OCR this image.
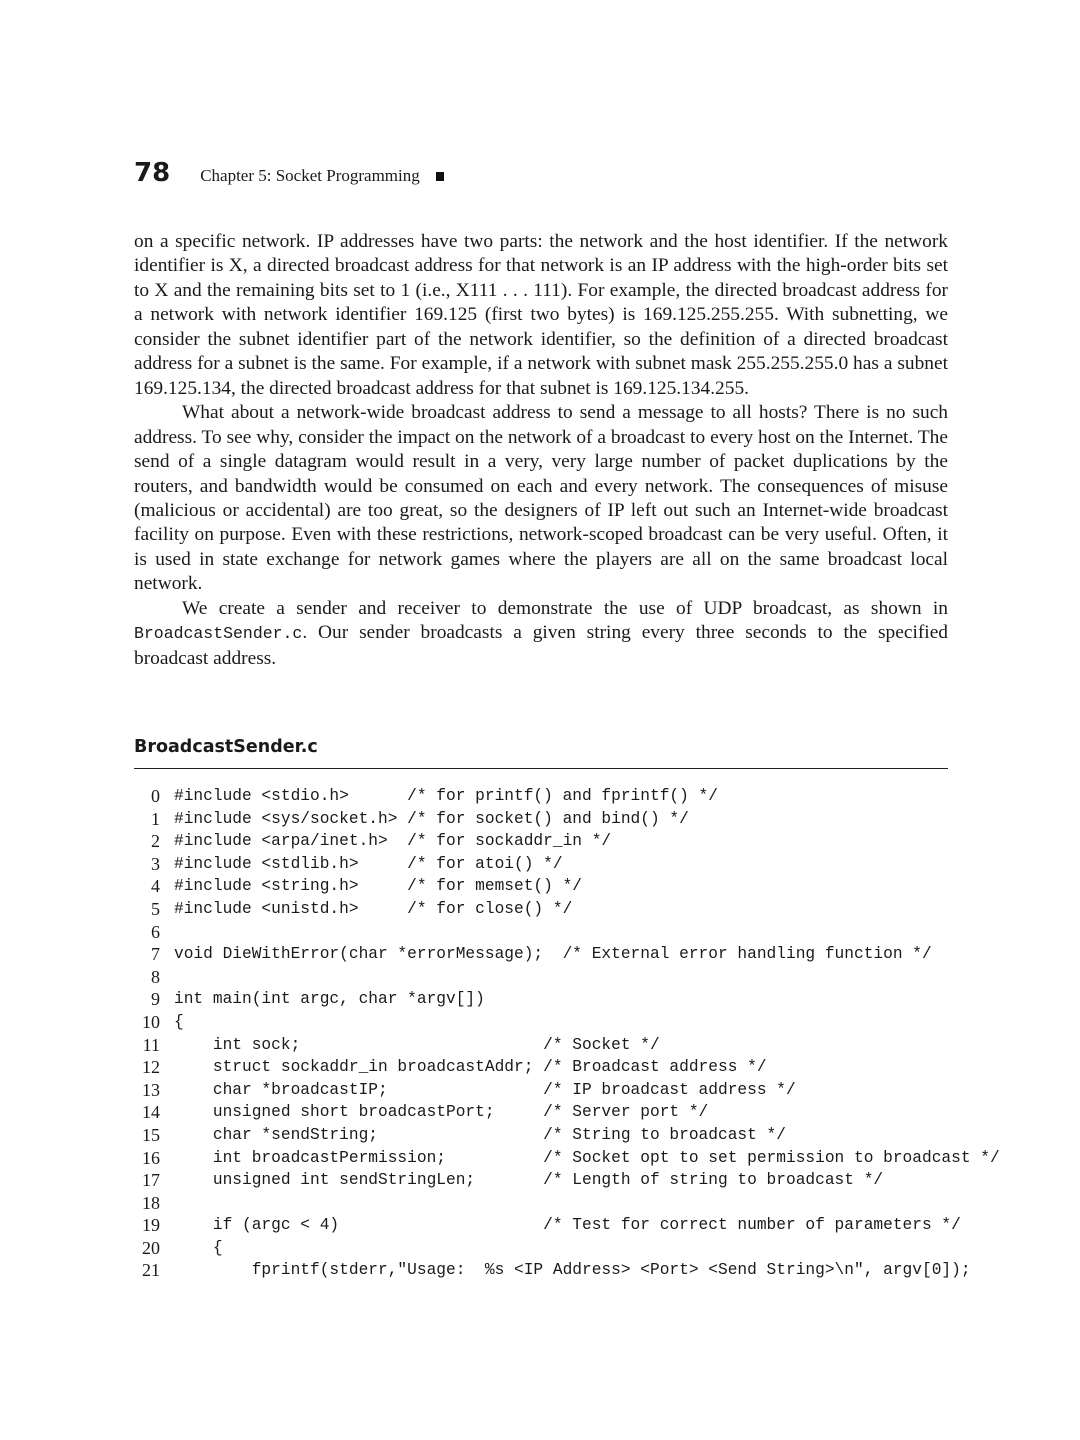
78 Chapter 5: Socket Programming

on a specific network. IP addresses have two parts: the network and the host identifier. If the network identifier is X, a directed broadcast address for that network is an IP address with the high-order bits set to X and the remaining bits set to 1 (i.e., X111 . . . 111). For example, the directed broadcast address for a network with network identifier 169.125 (first two bytes) is 169.125.255.255. With subnetting, we consider the subnet identifier part of the network identifier, so the definition of a directed broadcast address for a subnet is the same. For example, if a network with subnet mask 255.255.255.0 has a subnet 169.125.134, the directed broadcast address for that subnet is 169.125.134.255.

What about a network-wide broadcast address to send a message to all hosts? There is no such address. To see why, consider the impact on the network of a broadcast to every host on the Internet. The send of a single datagram would result in a very, very large number of packet duplications by the routers, and bandwidth would be consumed on each and every network. The consequences of misuse (malicious or accidental) are too great, so the designers of IP left out such an Internet-wide broadcast facility on purpose. Even with these restrictions, network-scoped broadcast can be very useful. Often, it is used in state exchange for network games where the players are all on the same broadcast local network.

We create a sender and receiver to demonstrate the use of UDP broadcast, as shown in BroadcastSender.c. Our sender broadcasts a given string every three seconds to the specified broadcast address.

BroadcastSender.c
0 #include <stdio.h>      /* for printf() and fprintf() */
1 #include <sys/socket.h> /* for socket() and bind() */
2 #include <arpa/inet.h>  /* for sockaddr_in */
3 #include <stdlib.h>     /* for atoi() */
4 #include <string.h>     /* for memset() */
5 #include <unistd.h>     /* for close() */
6
7 void DieWithError(char *errorMessage);  /* External error handling function */
8
9 int main(int argc, char *argv[])
10 {
11 int sock;                         /* Socket */
12 struct sockaddr_in broadcastAddr; /* Broadcast address */
13 char *broadcastIP;                /* IP broadcast address */
14 unsigned short broadcastPort;     /* Server port */
15 char *sendString;                 /* String to broadcast */
16 int broadcastPermission;          /* Socket opt to set permission to broadcast */
17 unsigned int sendStringLen;       /* Length of string to broadcast */
18
19 if (argc < 4)                     /* Test for correct number of parameters */
20 {
21 fprintf(stderr,"Usage:  %s <IP Address> <Port> <Send String>\n", argv[0]);
